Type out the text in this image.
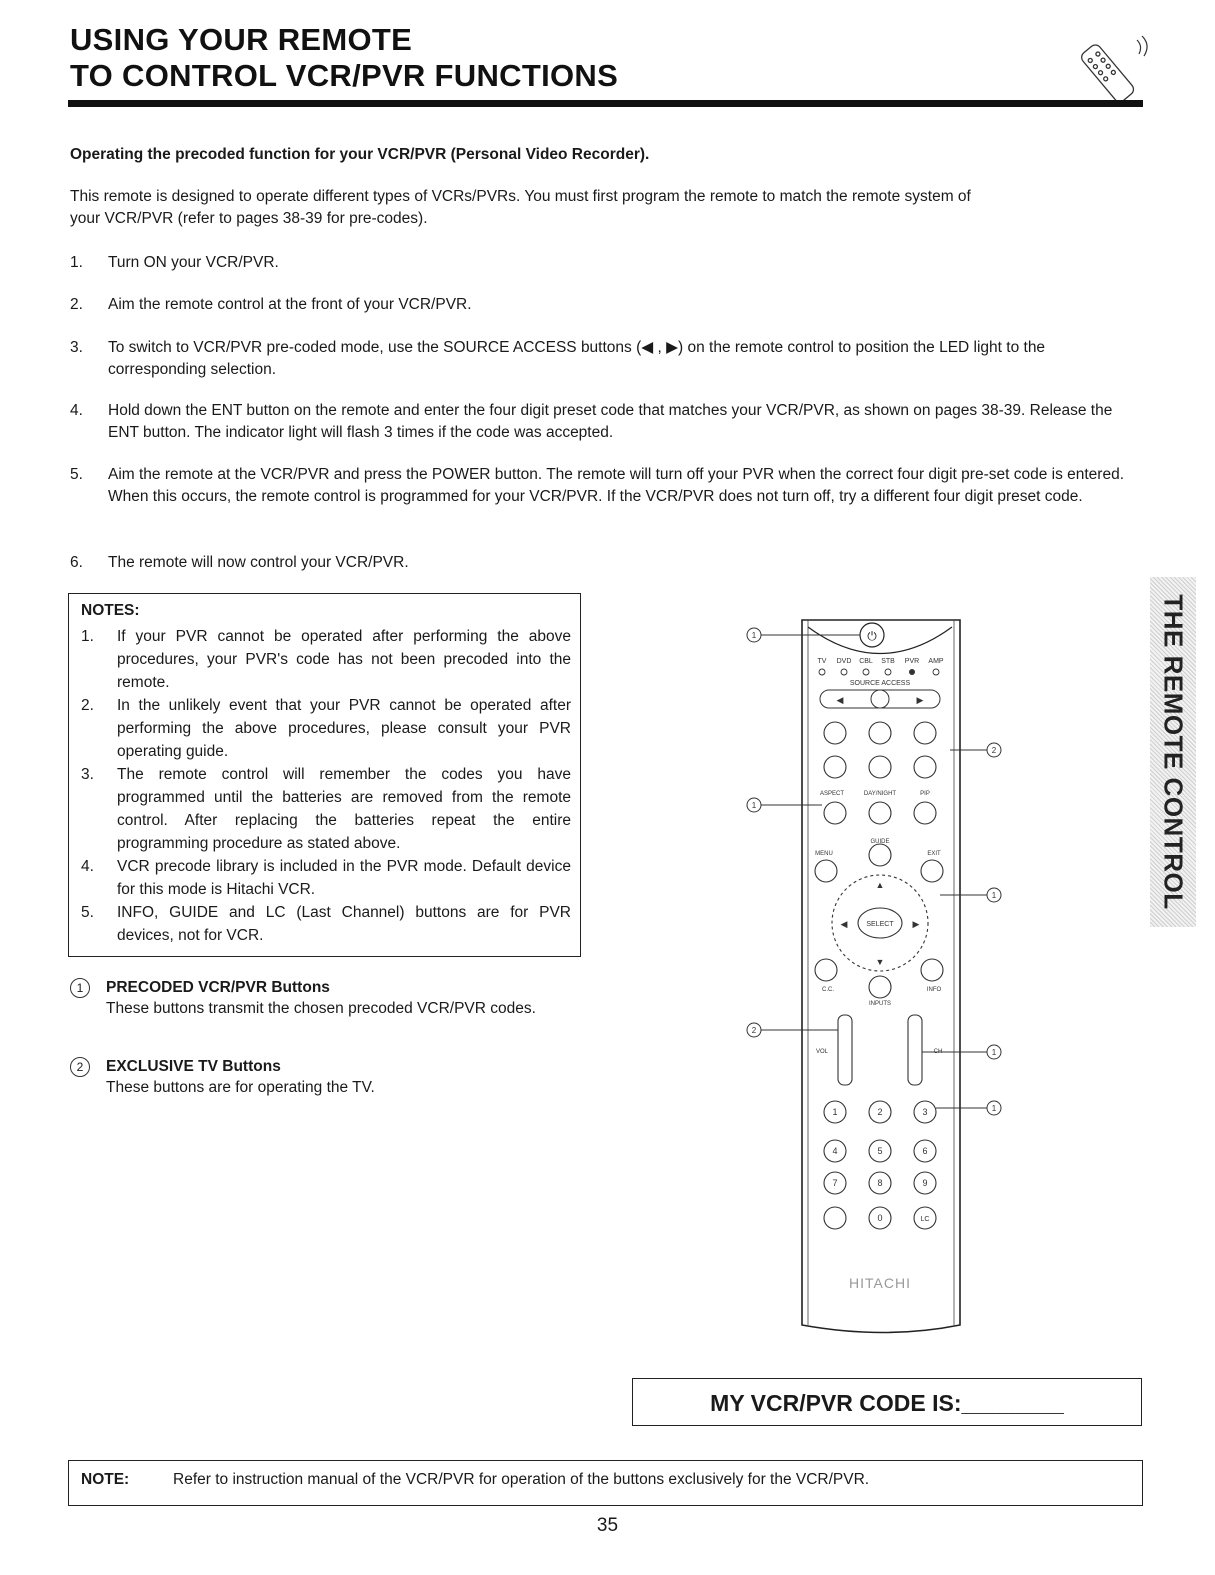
USING YOUR REMOTE
TO CONTROL VCR/PVR FUNCTIONS
Operating the precoded function for your VCR/PVR (Personal Video Recorder).
This remote is designed to operate different types of VCRs/PVRs. You must first program the remote to match the remote system of
your VCR/PVR (refer to pages 38-39 for pre-codes).
1. Turn ON your VCR/PVR.
2. Aim the remote control at the front of your VCR/PVR.
3. To switch to VCR/PVR pre-coded mode, use the SOURCE ACCESS buttons (◀ , ▶) on the remote control to position the LED light to the corresponding selection.
4. Hold down the ENT button on the remote and enter the four digit preset code that matches your VCR/PVR, as shown on pages 38-39. Release the ENT button. The indicator light will flash 3 times if the code was accepted.
5. Aim the remote at the VCR/PVR and press the POWER button. The remote will turn off your PVR when the correct four digit pre-set code is entered. When this occurs, the remote control is programmed for your VCR/PVR. If the VCR/PVR does not turn off, try a different four digit preset code.
6. The remote will now control your VCR/PVR.
NOTES:
1. If your PVR cannot be operated after performing the above procedures, your PVR's code has not been precoded into the remote.
2. In the unlikely event that your PVR cannot be operated after performing the above procedures, please consult your PVR operating guide.
3. The remote control will remember the codes you have programmed until the batteries are removed from the remote control. After replacing the batteries repeat the entire programming procedure as stated above.
4. VCR precode library is included in the PVR mode. Default device for this mode is Hitachi VCR.
5. INFO, GUIDE and LC (Last Channel) buttons are for PVR devices, not for VCR.
1	PRECODED VCR/PVR Buttons
These buttons transmit the chosen precoded VCR/PVR codes.
2	EXCLUSIVE TV Buttons
These buttons are for operating the TV.
⏻
TV DVD CBL STB PVR AMP
SOURCE ACCESS
◀	▶
ASPECT	DAY/NIGHT	PIP
GUIDE
MENU	EXIT
SELECT
▲
▼
◀	▶
C.C.	INFO
INPUTS
VOL	CH
1	2	3
4	5	6
7	8	9
0	LC
HITACHI
1
2
1
1
2
1
1
THE REMOTE CONTROL
MY VCR/PVR CODE IS:________
NOTE:	Refer to instruction manual of the VCR/PVR for operation of the buttons exclusively for the VCR/PVR.
35
